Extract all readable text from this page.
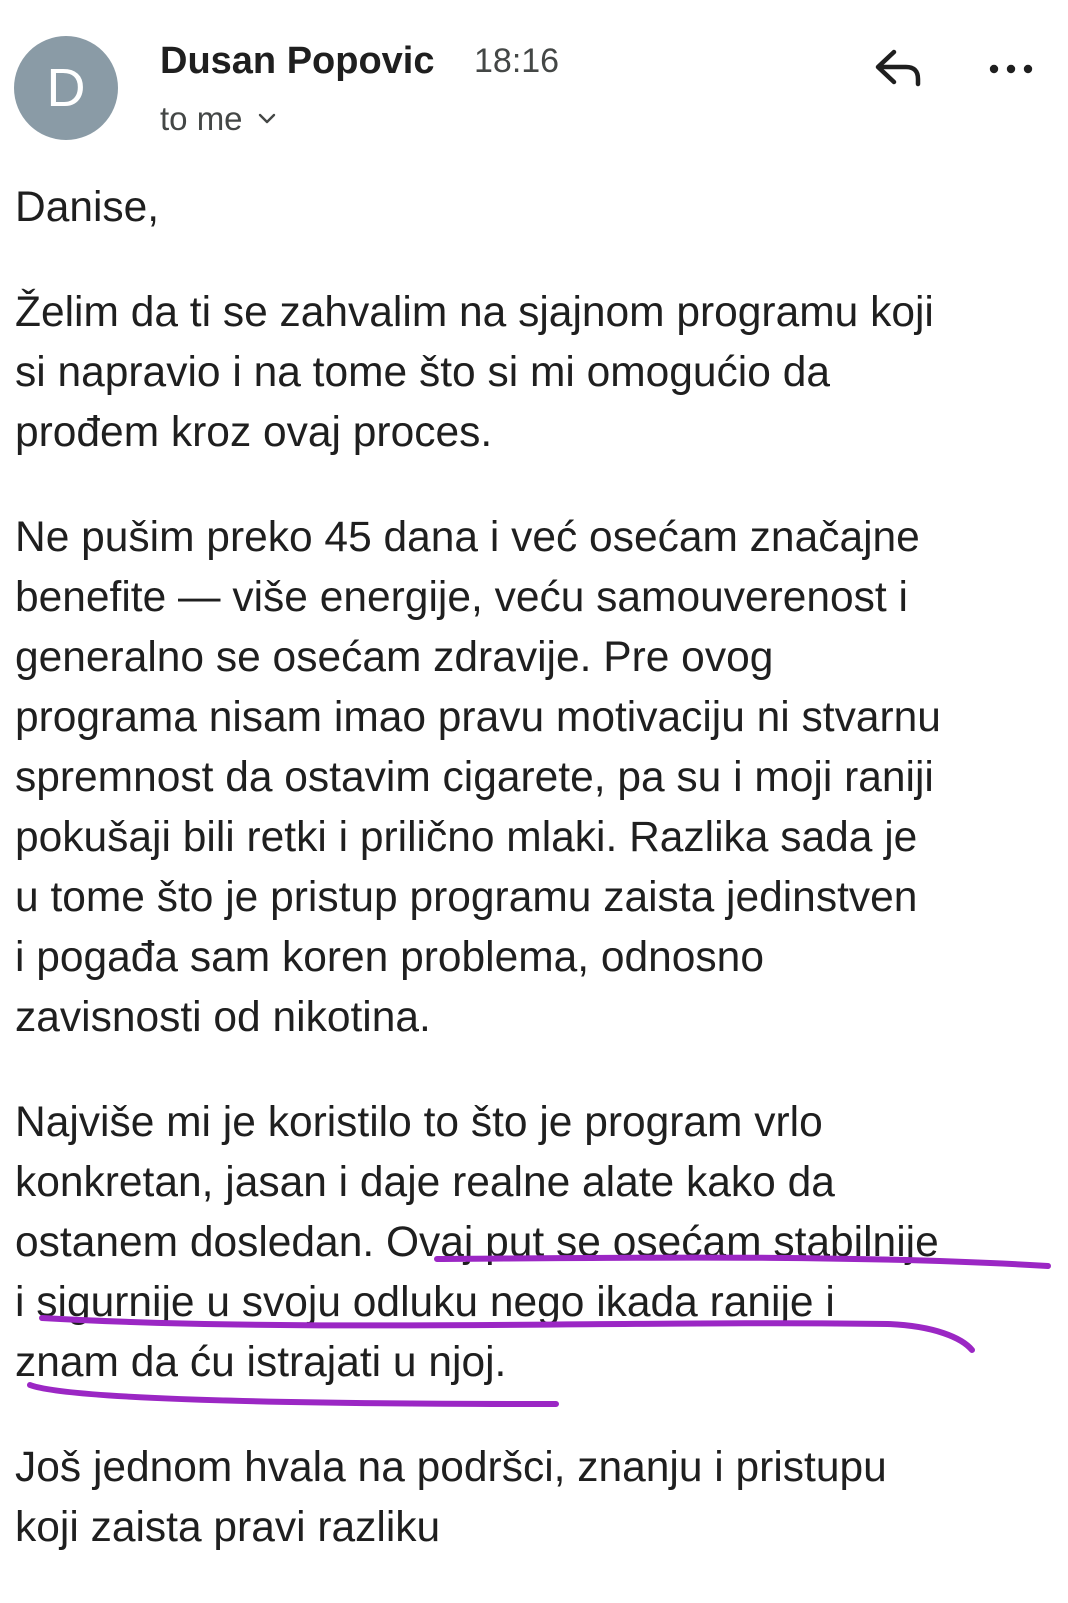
D	Dusan Popovic 18:16
to me

Danise,

Želim da ti se zahvalim na sjajnom programu koji
si napravio i na tome što si mi omogućio da
prođem kroz ovaj proces.

Ne pušim preko 45 dana i već osećam značajne
benefite — više energije, veću samouverenost i
generalno se osećam zdravije. Pre ovog
programa nisam imao pravu motivaciju ni stvarnu
spremnost da ostavim cigarete, pa su i moji raniji
pokušaji bili retki i prilično mlaki. Razlika sada je
u tome što je pristup programu zaista jedinstven
i pogađa sam koren problema, odnosno
zavisnosti od nikotina.

Najviše mi je koristilo to što je program vrlo
konkretan, jasan i daje realne alate kako da
ostanem dosledan. Ovaj put se osećam stabilnije
i sigurnije u svoju odluku nego ikada ranije i
znam da ću istrajati u njoj.

Još jednom hvala na podršci, znanju i pristupu
koji zaista pravi razliku
